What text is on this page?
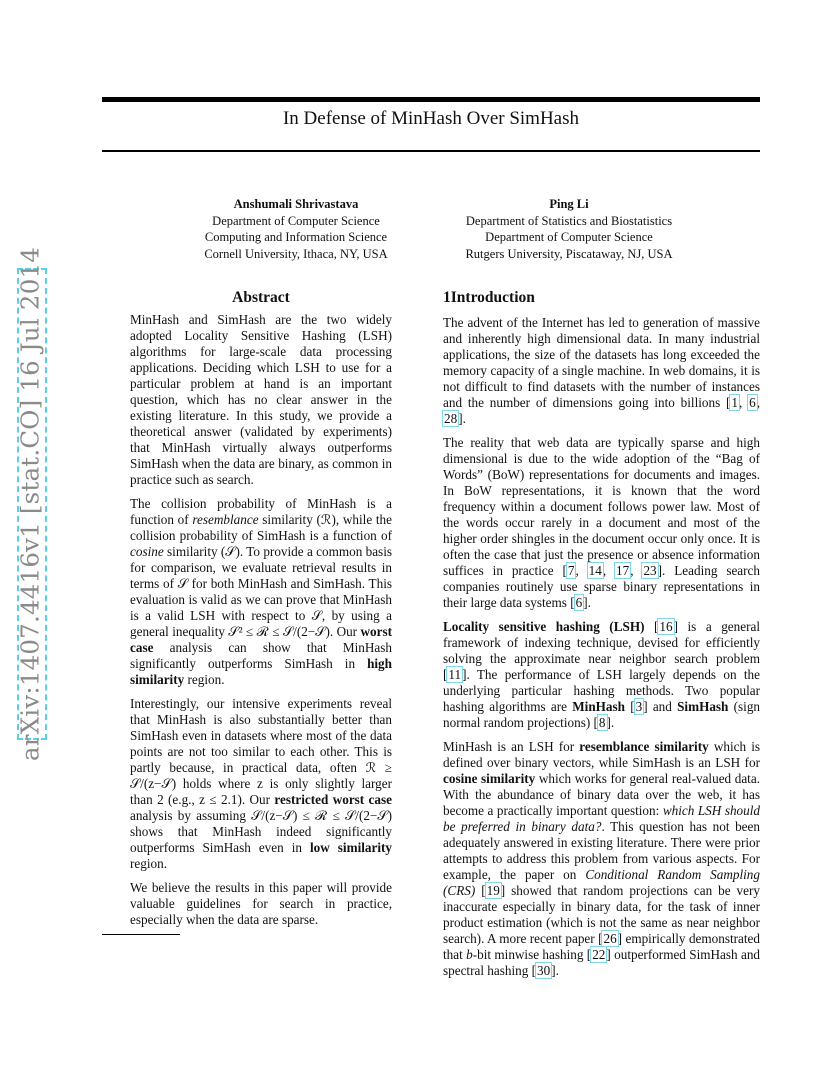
In Defense of MinHash Over SimHash
Anshumali Shrivastava
Department of Computer Science
Computing and Information Science
Cornell University, Ithaca, NY, USA
Ping Li
Department of Statistics and Biostatistics
Department of Computer Science
Rutgers University, Piscataway, NJ, USA
arXiv:1407.4416v1 [stat.CO] 16 Jul 2014	Abstract

MinHash and SimHash are the two widely adopted Locality Sensitive Hashing (LSH) algorithms for large-scale data processing applications. Deciding which LSH to use for a particular problem at hand is an important question, which has no clear answer in the existing literature. In this study, we provide a theoretical answer (validated by experiments) that MinHash virtually always outperforms SimHash when the data are binary, as common in practice such as search.

The collision probability of MinHash is a function of resemblance similarity (ℛ), while the collision probability of SimHash is a function of cosine similarity (𝒮). To provide a common basis for comparison, we evaluate retrieval results in terms of 𝒮 for both MinHash and SimHash. This evaluation is valid as we can prove that MinHash is a valid LSH with respect to 𝒮, by using a general inequality 𝒮² ≤ ℛ ≤ 𝒮/(2−𝒮). Our worst case analysis can show that MinHash significantly outperforms SimHash in high similarity region.

Interestingly, our intensive experiments reveal that MinHash is also substantially better than SimHash even in datasets where most of the data points are not too similar to each other. This is partly because, in practical data, often ℛ ≥ 𝒮/(z−𝒮) holds where z is only slightly larger than 2 (e.g., z ≤ 2.1). Our restricted worst case analysis by assuming 𝒮/(z−𝒮) ≤ ℛ ≤ 𝒮/(2−𝒮) shows that MinHash indeed significantly outperforms SimHash even in low similarity region.

We believe the results in this paper will provide valuable guidelines for search in practice, especially when the data are sparse.

1Introduction

The advent of the Internet has led to generation of massive and inherently high dimensional data. In many industrial applications, the size of the datasets has long exceeded the memory capacity of a single machine. In web domains, it is not difficult to find datasets with the number of instances and the number of dimensions going into billions [1, 6, 28].

The reality that web data are typically sparse and high dimensional is due to the wide adoption of the “Bag of Words” (BoW) representations for documents and images. In BoW representations, it is known that the word frequency within a document follows power law. Most of the words occur rarely in a document and most of the higher order shingles in the document occur only once. It is often the case that just the presence or absence information suffices in practice [7, 14, 17, 23]. Leading search companies routinely use sparse binary representations in their large data systems [6].

Locality sensitive hashing (LSH) [16] is a general framework of indexing technique, devised for efficiently solving the approximate near neighbor search problem [11]. The performance of LSH largely depends on the underlying particular hashing methods. Two popular hashing algorithms are MinHash [3] and SimHash (sign normal random projections) [8].

MinHash is an LSH for resemblance similarity which is defined over binary vectors, while SimHash is an LSH for cosine similarity which works for general real-valued data. With the abundance of binary data over the web, it has become a practically important question: which LSH should be preferred in binary data?. This question has not been adequately answered in existing literature. There were prior attempts to address this problem from various aspects. For example, the paper on Conditional Random Sampling (CRS) [19] showed that random projections can be very inaccurate especially in binary data, for the task of inner product estimation (which is not the same as near neighbor search). A more recent paper [26] empirically demonstrated that b-bit minwise hashing [22] outperformed SimHash and spectral hashing [30].
